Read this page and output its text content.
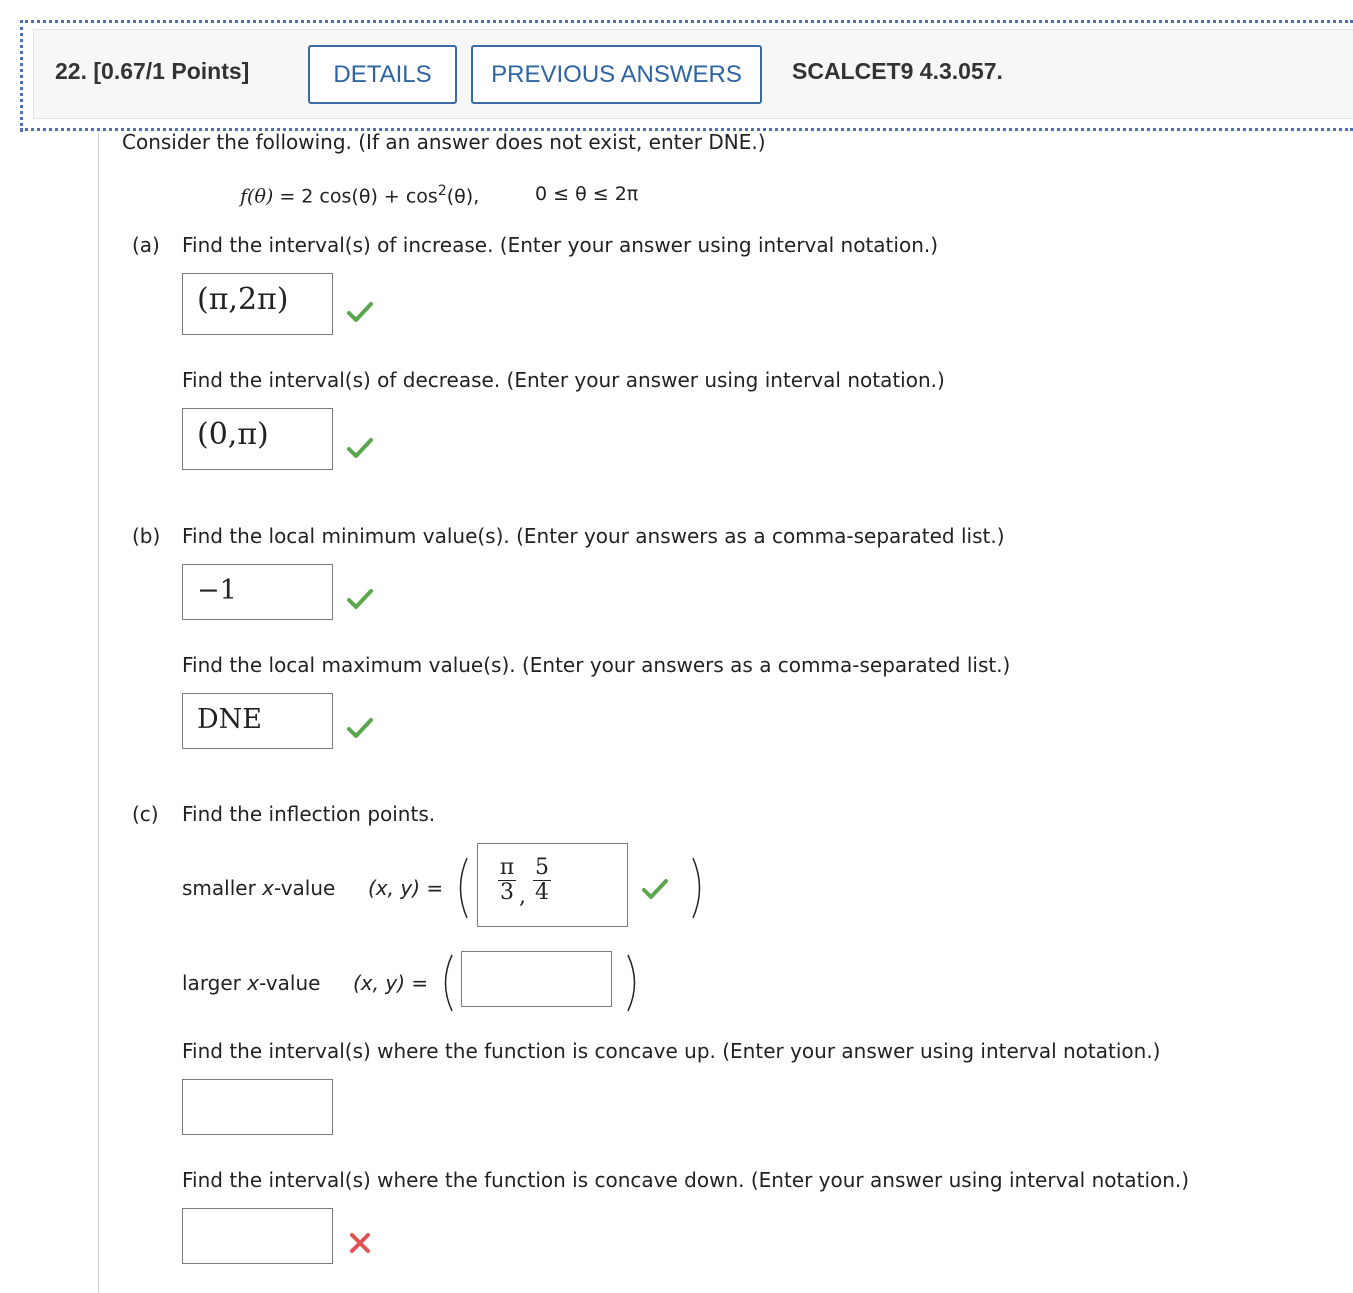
22. [0.67/1 Points]	DETAILS	PREVIOUS ANSWERS	SCALCET9 4.3.057.
Consider the following. (If an answer does not exist, enter DNE.)
f(θ) = 2 $\cos(\theta) + \cos^2(\theta)$,	0 ≤ θ ≤ 2π
(a) Find the interval(s) of increase. (Enter your answer using interval notation.)
(π,2π)
Find the interval(s) of decrease. (Enter your answer using interval notation.)
(0,π)
(b) Find the local minimum value(s). (Enter your answers as a comma-separated list.)
−1
Find the local maximum value(s). (Enter your answers as a comma-separated list.)
DNE
(c) Find the inflection points.
smaller x-value (x, y) =
π
3 ,
5
4
larger x-value (x, y) =
Find the interval(s) where the function is concave up. (Enter your answer using interval notation.)
Find the interval(s) where the function is concave down. (Enter your answer using interval notation.)
